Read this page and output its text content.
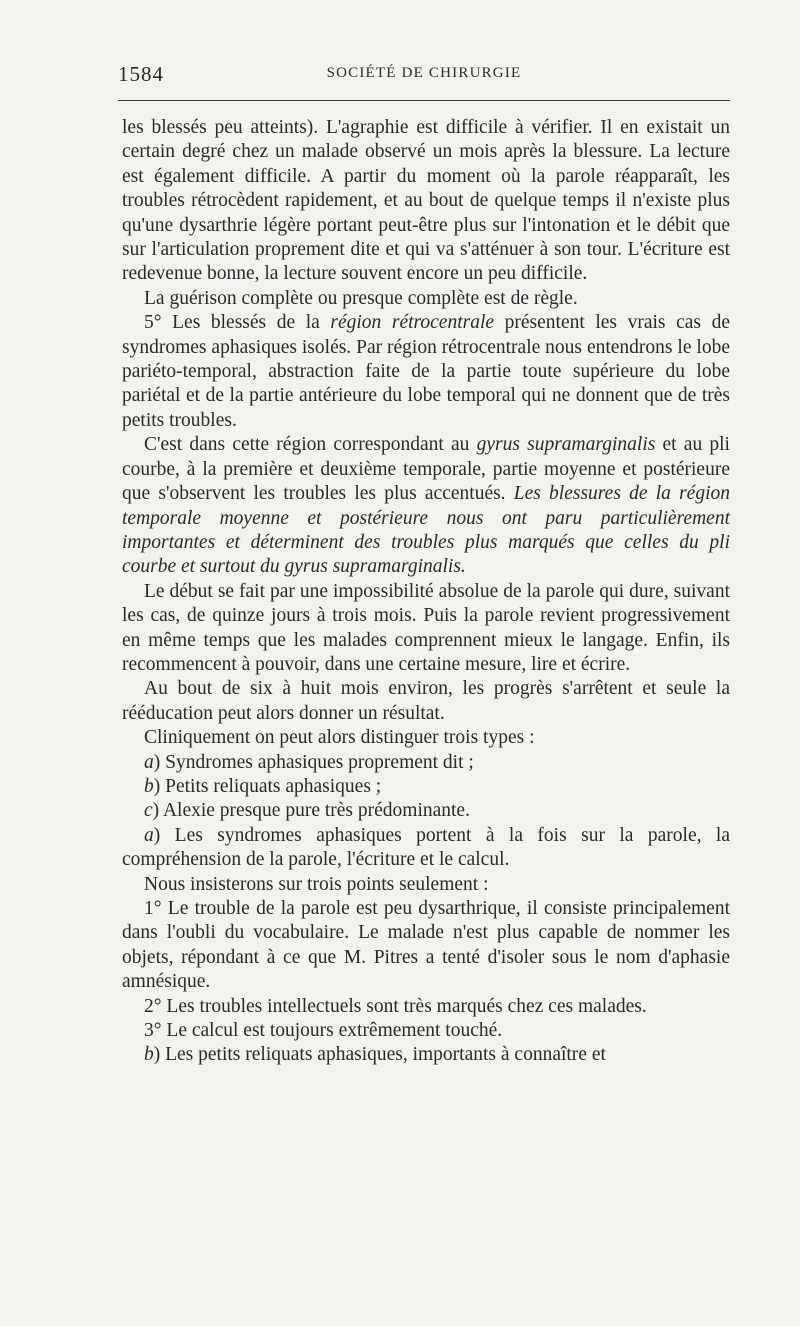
1584	SOCIÉTÉ DE CHIRURGIE

les blessés peu atteints). L'agraphie est difficile à vérifier. Il en existait un certain degré chez un malade observé un mois après la blessure. La lecture est également difficile. A partir du moment où la parole réapparaît, les troubles rétrocèdent rapidement, et au bout de quelque temps il n'existe plus qu'une dysarthrie légère portant peut-être plus sur l'intonation et le débit que sur l'articulation proprement dite et qui va s'atténuer à son tour. L'écriture est redevenue bonne, la lecture souvent encore un peu difficile.

La guérison complète ou presque complète est de règle.

5° Les blessés de la région rétrocentrale présentent les vrais cas de syndromes aphasiques isolés. Par région rétrocentrale nous entendrons le lobe pariéto-temporal, abstraction faite de la partie toute supérieure du lobe pariétal et de la partie antérieure du lobe temporal qui ne donnent que de très petits troubles.

C'est dans cette région correspondant au gyrus supramarginalis et au pli courbe, à la première et deuxième temporale, partie moyenne et postérieure que s'observent les troubles les plus accentués. Les blessures de la région temporale moyenne et postérieure nous ont paru particulièrement importantes et déterminent des troubles plus marqués que celles du pli courbe et surtout du gyrus supramarginalis.

Le début se fait par une impossibilité absolue de la parole qui dure, suivant les cas, de quinze jours à trois mois. Puis la parole revient progressivement en même temps que les malades comprennent mieux le langage. Enfin, ils recommencent à pouvoir, dans une certaine mesure, lire et écrire.

Au bout de six à huit mois environ, les progrès s'arrêtent et seule la rééducation peut alors donner un résultat.

Cliniquement on peut alors distinguer trois types :

a) Syndromes aphasiques proprement dit ;

b) Petits reliquats aphasiques ;

c) Alexie presque pure très prédominante.

a) Les syndromes aphasiques portent à la fois sur la parole, la compréhension de la parole, l'écriture et le calcul.

Nous insisterons sur trois points seulement :

1° Le trouble de la parole est peu dysarthrique, il consiste principalement dans l'oubli du vocabulaire. Le malade n'est plus capable de nommer les objets, répondant à ce que M. Pitres a tenté d'isoler sous le nom d'aphasie amnésique.

2° Les troubles intellectuels sont très marqués chez ces malades.

3° Le calcul est toujours extrêmement touché.

b) Les petits reliquats aphasiques, importants à connaître et
